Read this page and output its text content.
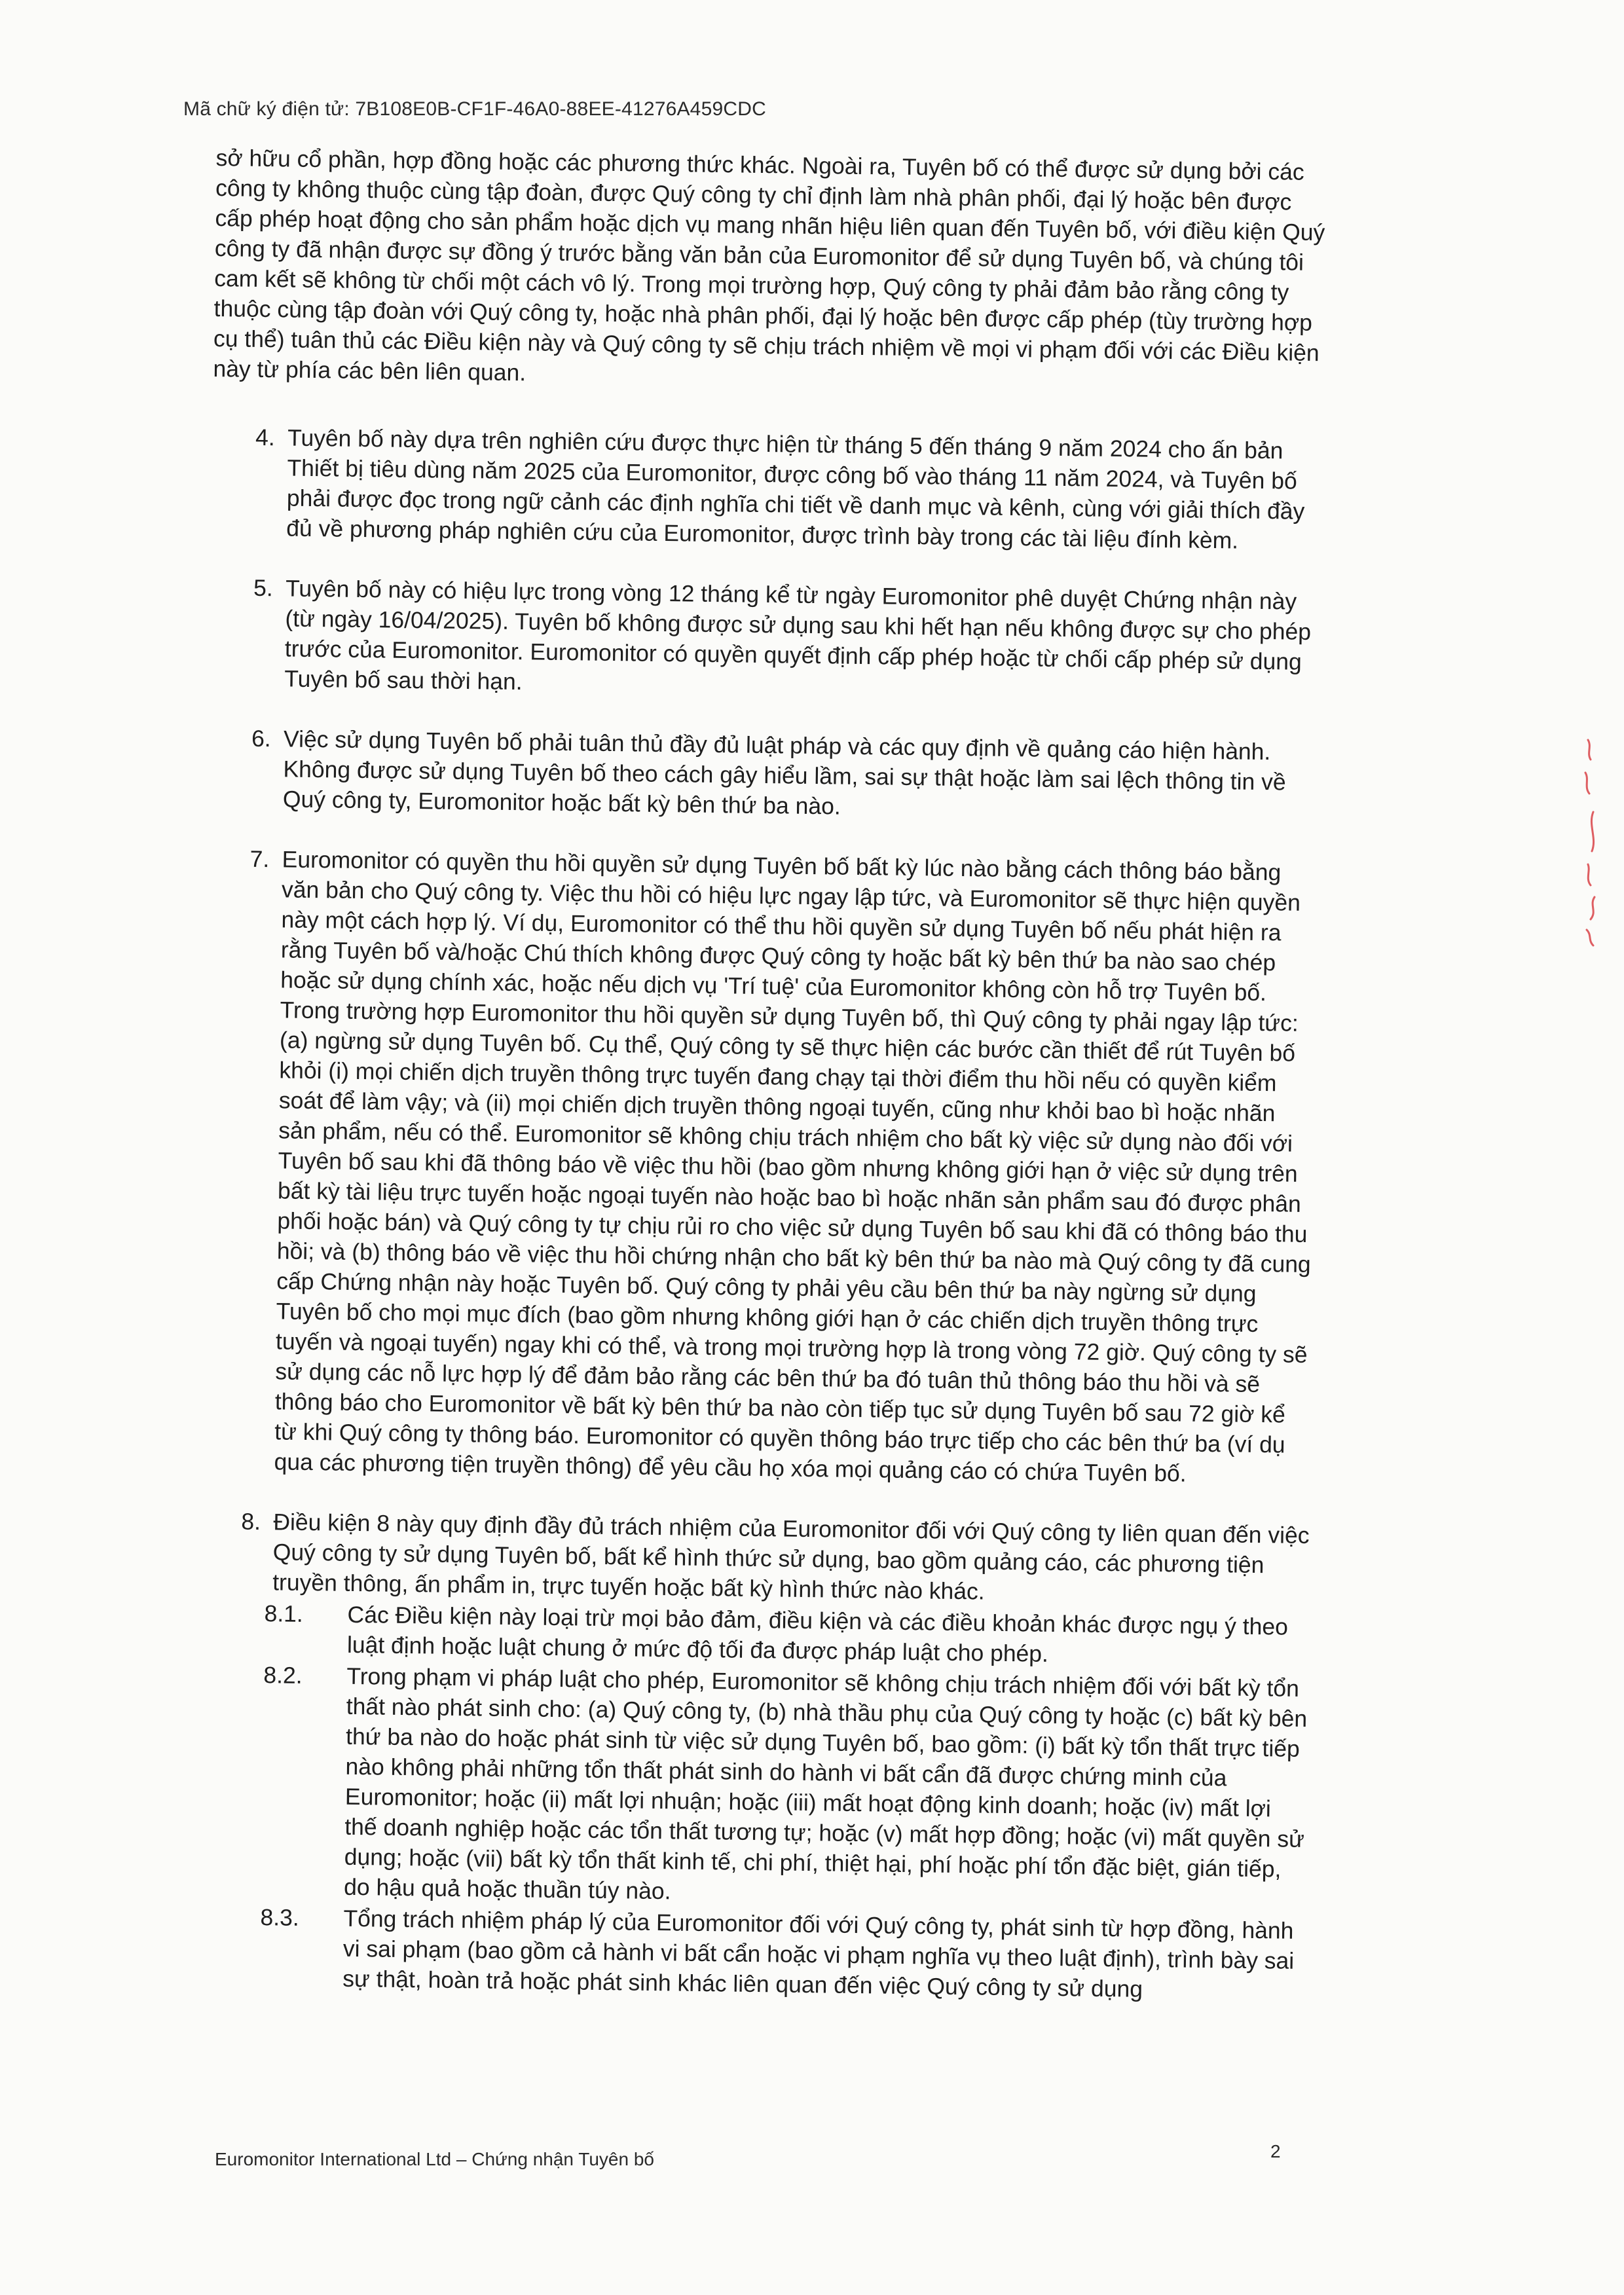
Mã chữ ký điện tử: 7B108E0B-CF1F-46A0-88EE-41276A459CDC

sở hữu cổ phần, hợp đồng hoặc các phương thức khác. Ngoài ra, Tuyên bố có thể được sử dụng bởi các công ty không thuộc cùng tập đoàn, được Quý công ty chỉ định làm nhà phân phối, đại lý hoặc bên được cấp phép hoạt động cho sản phẩm hoặc dịch vụ mang nhãn hiệu liên quan đến Tuyên bố, với điều kiện Quý công ty đã nhận được sự đồng ý trước bằng văn bản của Euromonitor để sử dụng Tuyên bố, và chúng tôi cam kết sẽ không từ chối một cách vô lý. Trong mọi trường hợp, Quý công ty phải đảm bảo rằng công ty thuộc cùng tập đoàn với Quý công ty, hoặc nhà phân phối, đại lý hoặc bên được cấp phép (tùy trường hợp cụ thể) tuân thủ các Điều kiện này và Quý công ty sẽ chịu trách nhiệm về mọi vi phạm đối với các Điều kiện này từ phía các bên liên quan.

4. Tuyên bố này dựa trên nghiên cứu được thực hiện từ tháng 5 đến tháng 9 năm 2024 cho ấn bản Thiết bị tiêu dùng năm 2025 của Euromonitor, được công bố vào tháng 11 năm 2024, và Tuyên bố phải được đọc trong ngữ cảnh các định nghĩa chi tiết về danh mục và kênh, cùng với giải thích đầy đủ về phương pháp nghiên cứu của Euromonitor, được trình bày trong các tài liệu đính kèm.

5. Tuyên bố này có hiệu lực trong vòng 12 tháng kể từ ngày Euromonitor phê duyệt Chứng nhận này (từ ngày 16/04/2025). Tuyên bố không được sử dụng sau khi hết hạn nếu không được sự cho phép trước của Euromonitor. Euromonitor có quyền quyết định cấp phép hoặc từ chối cấp phép sử dụng Tuyên bố sau thời hạn.

6. Việc sử dụng Tuyên bố phải tuân thủ đầy đủ luật pháp và các quy định về quảng cáo hiện hành. Không được sử dụng Tuyên bố theo cách gây hiểu lầm, sai sự thật hoặc làm sai lệch thông tin về Quý công ty, Euromonitor hoặc bất kỳ bên thứ ba nào.

7. Euromonitor có quyền thu hồi quyền sử dụng Tuyên bố bất kỳ lúc nào bằng cách thông báo bằng văn bản cho Quý công ty. Việc thu hồi có hiệu lực ngay lập tức, và Euromonitor sẽ thực hiện quyền này một cách hợp lý. Ví dụ, Euromonitor có thể thu hồi quyền sử dụng Tuyên bố nếu phát hiện ra rằng Tuyên bố và/hoặc Chú thích không được Quý công ty hoặc bất kỳ bên thứ ba nào sao chép hoặc sử dụng chính xác, hoặc nếu dịch vụ 'Trí tuệ' của Euromonitor không còn hỗ trợ Tuyên bố. Trong trường hợp Euromonitor thu hồi quyền sử dụng Tuyên bố, thì Quý công ty phải ngay lập tức: (a) ngừng sử dụng Tuyên bố. Cụ thể, Quý công ty sẽ thực hiện các bước cần thiết để rút Tuyên bố khỏi (i) mọi chiến dịch truyền thông trực tuyến đang chạy tại thời điểm thu hồi nếu có quyền kiểm soát để làm vậy; và (ii) mọi chiến dịch truyền thông ngoại tuyến, cũng như khỏi bao bì hoặc nhãn sản phẩm, nếu có thể. Euromonitor sẽ không chịu trách nhiệm cho bất kỳ việc sử dụng nào đối với Tuyên bố sau khi đã thông báo về việc thu hồi (bao gồm nhưng không giới hạn ở việc sử dụng trên bất kỳ tài liệu trực tuyến hoặc ngoại tuyến nào hoặc bao bì hoặc nhãn sản phẩm sau đó được phân phối hoặc bán) và Quý công ty tự chịu rủi ro cho việc sử dụng Tuyên bố sau khi đã có thông báo thu hồi; và (b) thông báo về việc thu hồi chứng nhận cho bất kỳ bên thứ ba nào mà Quý công ty đã cung cấp Chứng nhận này hoặc Tuyên bố. Quý công ty phải yêu cầu bên thứ ba này ngừng sử dụng Tuyên bố cho mọi mục đích (bao gồm nhưng không giới hạn ở các chiến dịch truyền thông trực tuyến và ngoại tuyến) ngay khi có thể, và trong mọi trường hợp là trong vòng 72 giờ. Quý công ty sẽ sử dụng các nỗ lực hợp lý để đảm bảo rằng các bên thứ ba đó tuân thủ thông báo thu hồi và sẽ thông báo cho Euromonitor về bất kỳ bên thứ ba nào còn tiếp tục sử dụng Tuyên bố sau 72 giờ kể từ khi Quý công ty thông báo. Euromonitor có quyền thông báo trực tiếp cho các bên thứ ba (ví dụ qua các phương tiện truyền thông) để yêu cầu họ xóa mọi quảng cáo có chứa Tuyên bố.

8. Điều kiện 8 này quy định đầy đủ trách nhiệm của Euromonitor đối với Quý công ty liên quan đến việc Quý công ty sử dụng Tuyên bố, bất kể hình thức sử dụng, bao gồm quảng cáo, các phương tiện truyền thông, ấn phẩm in, trực tuyến hoặc bất kỳ hình thức nào khác.

8.1. Các Điều kiện này loại trừ mọi bảo đảm, điều kiện và các điều khoản khác được ngụ ý theo luật định hoặc luật chung ở mức độ tối đa được pháp luật cho phép.

8.2. Trong phạm vi pháp luật cho phép, Euromonitor sẽ không chịu trách nhiệm đối với bất kỳ tổn thất nào phát sinh cho: (a) Quý công ty, (b) nhà thầu phụ của Quý công ty hoặc (c) bất kỳ bên thứ ba nào do hoặc phát sinh từ việc sử dụng Tuyên bố, bao gồm: (i) bất kỳ tổn thất trực tiếp nào không phải những tổn thất phát sinh do hành vi bất cẩn đã được chứng minh của Euromonitor; hoặc (ii) mất lợi nhuận; hoặc (iii) mất hoạt động kinh doanh; hoặc (iv) mất lợi thế doanh nghiệp hoặc các tổn thất tương tự; hoặc (v) mất hợp đồng; hoặc (vi) mất quyền sử dụng; hoặc (vii) bất kỳ tổn thất kinh tế, chi phí, thiệt hại, phí hoặc phí tổn đặc biệt, gián tiếp, do hậu quả hoặc thuần túy nào.

8.3. Tổng trách nhiệm pháp lý của Euromonitor đối với Quý công ty, phát sinh từ hợp đồng, hành vi sai phạm (bao gồm cả hành vi bất cẩn hoặc vi phạm nghĩa vụ theo luật định), trình bày sai sự thật, hoàn trả hoặc phát sinh khác liên quan đến việc Quý công ty sử dụng

Euromonitor International Ltd – Chứng nhận Tuyên bố	2
